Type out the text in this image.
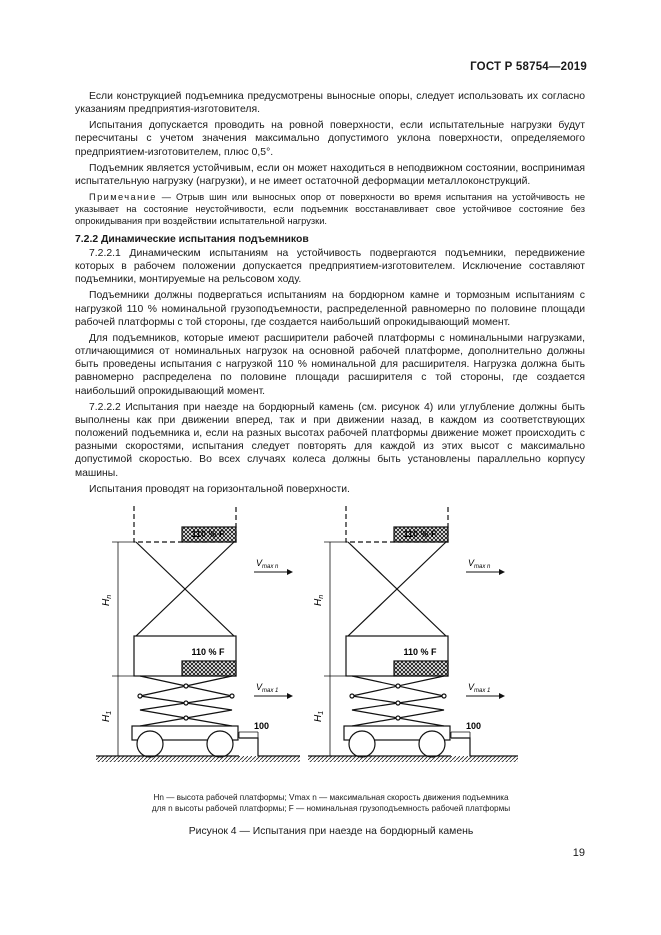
ГОСТ Р 58754—2019

Если конструкцией подъемника предусмотрены выносные опоры, следует использовать их согласно указаниям предприятия-изготовителя.

Испытания допускается проводить на ровной поверхности, если испытательные нагрузки будут пересчитаны с учетом значения максимально допустимого уклона поверхности, определяемого предприятием-изготовителем, плюс 0,5°.

Подъемник является устойчивым, если он может находиться в неподвижном состоянии, воспринимая испытательную нагрузку (нагрузки), и не имеет остаточной деформации металлоконструкций.

Примечание — Отрыв шин или выносных опор от поверхности во время испытания на устойчивость не указывает на состояние неустойчивости, если подъемник восстанавливает свое устойчивое состояние без опрокидывания при воздействии испытательной нагрузки.

7.2.2 Динамические испытания подъемников

7.2.2.1 Динамическим испытаниям на устойчивость подвергаются подъемники, передвижение которых в рабочем положении допускается предприятием-изготовителем. Исключение составляют подъемники, монтируемые на рельсовом ходу.

Подъемники должны подвергаться испытаниям на бордюрном камне и тормозным испытаниям с нагрузкой 110 % номинальной грузоподъемности, распределенной равномерно по половине площади рабочей платформы с той стороны, где создается наибольший опрокидывающий момент.

Для подъемников, которые имеют расширители рабочей платформы с номинальными нагрузками, отличающимися от номинальных нагрузок на основной рабочей платформе, дополнительно должны быть проведены испытания с нагрузкой 110 % номинальной для расширителя. Нагрузка должна быть равномерно распределена по половине площади расширителя с той стороны, где создается наибольший опрокидывающий момент.

7.2.2.2 Испытания при наезде на бордюрный камень (см. рисунок 4) или углубление должны быть выполнены как при движении вперед, так и при движении назад, в каждом из соответствующих положений подъемника и, если на разных высотах рабочей платформы движение может происходить с разными скоростями, испытания следует повторять для каждой из этих высот с максимально допустимой скоростью. Во всех случаях колеса должны быть установлены параллельно корпусу машины.

Испытания проводят на горизонтальной поверхности.

110 % F
110 % F
$H_n$
$H_1$
$V_{max n}$
$V_{max 1}$
100
110 % F
110 % F
$H_n$
$H_1$
$V_{max n}$
$V_{max 1}$
100
Hn — высота рабочей платформы; Vmax n — максимальная скорость движения подъемника
для n высоты рабочей платформы; F — номинальная грузоподъемность рабочей платформы
Рисунок 4 — Испытания при наезде на бордюрный камень
19
